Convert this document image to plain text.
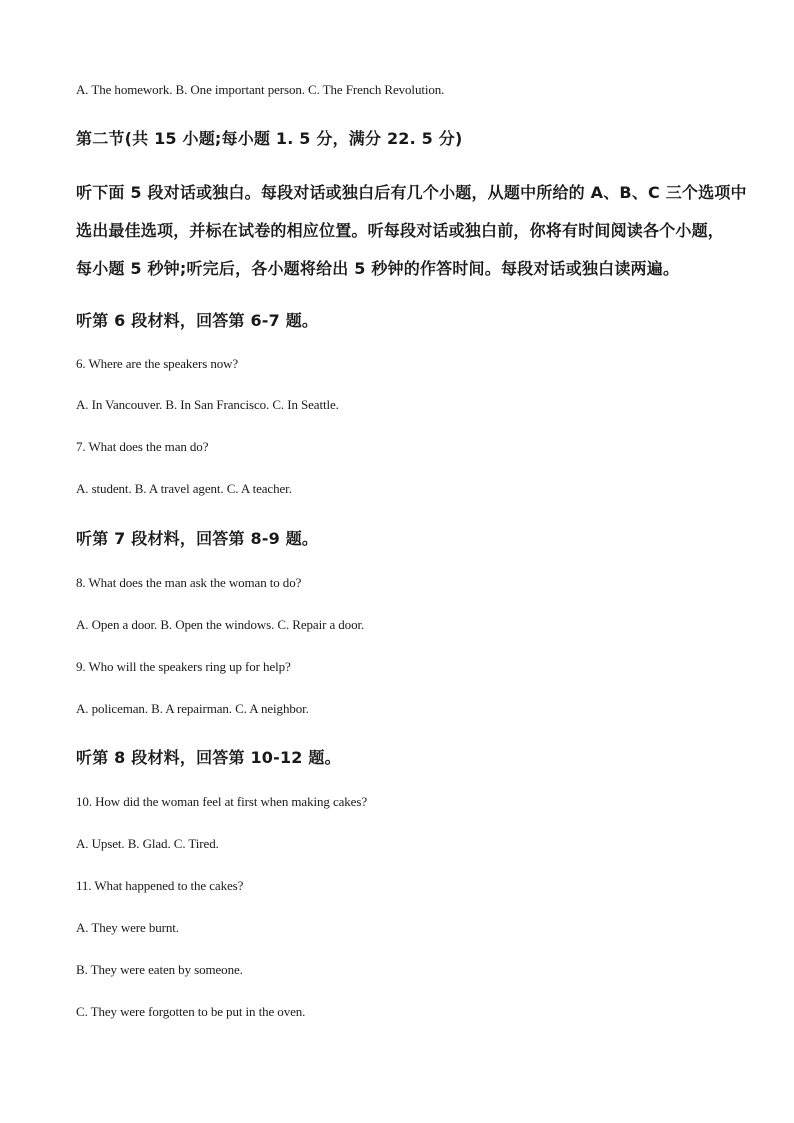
A. The homework. B. One important person. C. The French Revolution.
第二节(共 15 小题;每小题 1. 5 分，满分 22. 5 分)
听下面 5 段对话或独白。每段对话或独白后有几个小题，从题中所给的 A、B、C 三个选项中
选出最佳选项，并标在试卷的相应位置。听每段对话或独白前，你将有时间阅读各个小题，
每小题 5 秒钟;听完后，各小题将给出 5 秒钟的作答时间。每段对话或独白读两遍。
听第 6 段材料，回答第 6-7 题。
6. Where are the speakers now?
A. In Vancouver. B. In San Francisco. C. In Seattle.
7. What does the man do?
A. student. B. A travel agent. C. A teacher.
听第 7 段材料，回答第 8-9 题。
8. What does the man ask the woman to do?
A. Open a door. B. Open the windows. C. Repair a door.
9. Who will the speakers ring up for help?
A. policeman. B. A repairman. C. A neighbor.
听第 8 段材料，回答第 10-12 题。
10. How did the woman feel at first when making cakes?
A. Upset. B. Glad. C. Tired.
11. What happened to the cakes?
A. They were burnt.
B. They were eaten by someone.
C. They were forgotten to be put in the oven.
